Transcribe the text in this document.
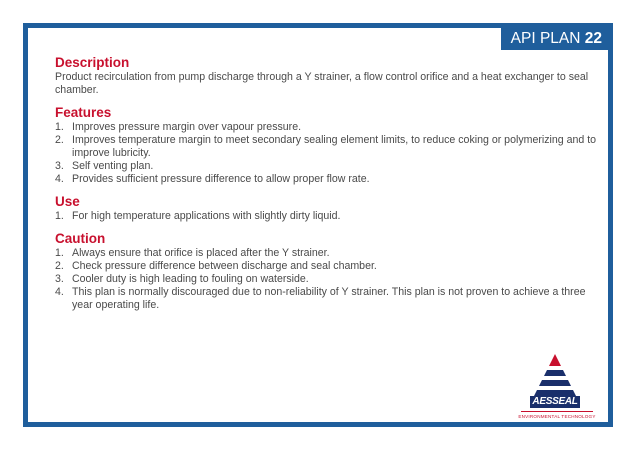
API PLAN 22
Description

Product recirculation from pump discharge through a Y strainer, a flow control orifice and a heat exchanger to seal chamber.

Features
1. Improves pressure margin over vapour pressure.
2. Improves temperature margin to meet secondary sealing element limits, to reduce coking or polymerizing and to improve lubricity.
3. Self venting plan.
4. Provides sufficient pressure difference to allow proper flow rate.
Use
1. For high temperature applications with slightly dirty liquid.
Caution
1. Always ensure that orifice is placed after the Y strainer.
2. Check pressure difference between discharge and seal chamber.
3. Cooler duty is high leading to fouling on waterside.
4. This plan is normally discouraged due to non-reliability of Y strainer. This plan is not proven to achieve a three year operating life.
AESSEAL
ENVIRONMENTAL TECHNOLOGY
